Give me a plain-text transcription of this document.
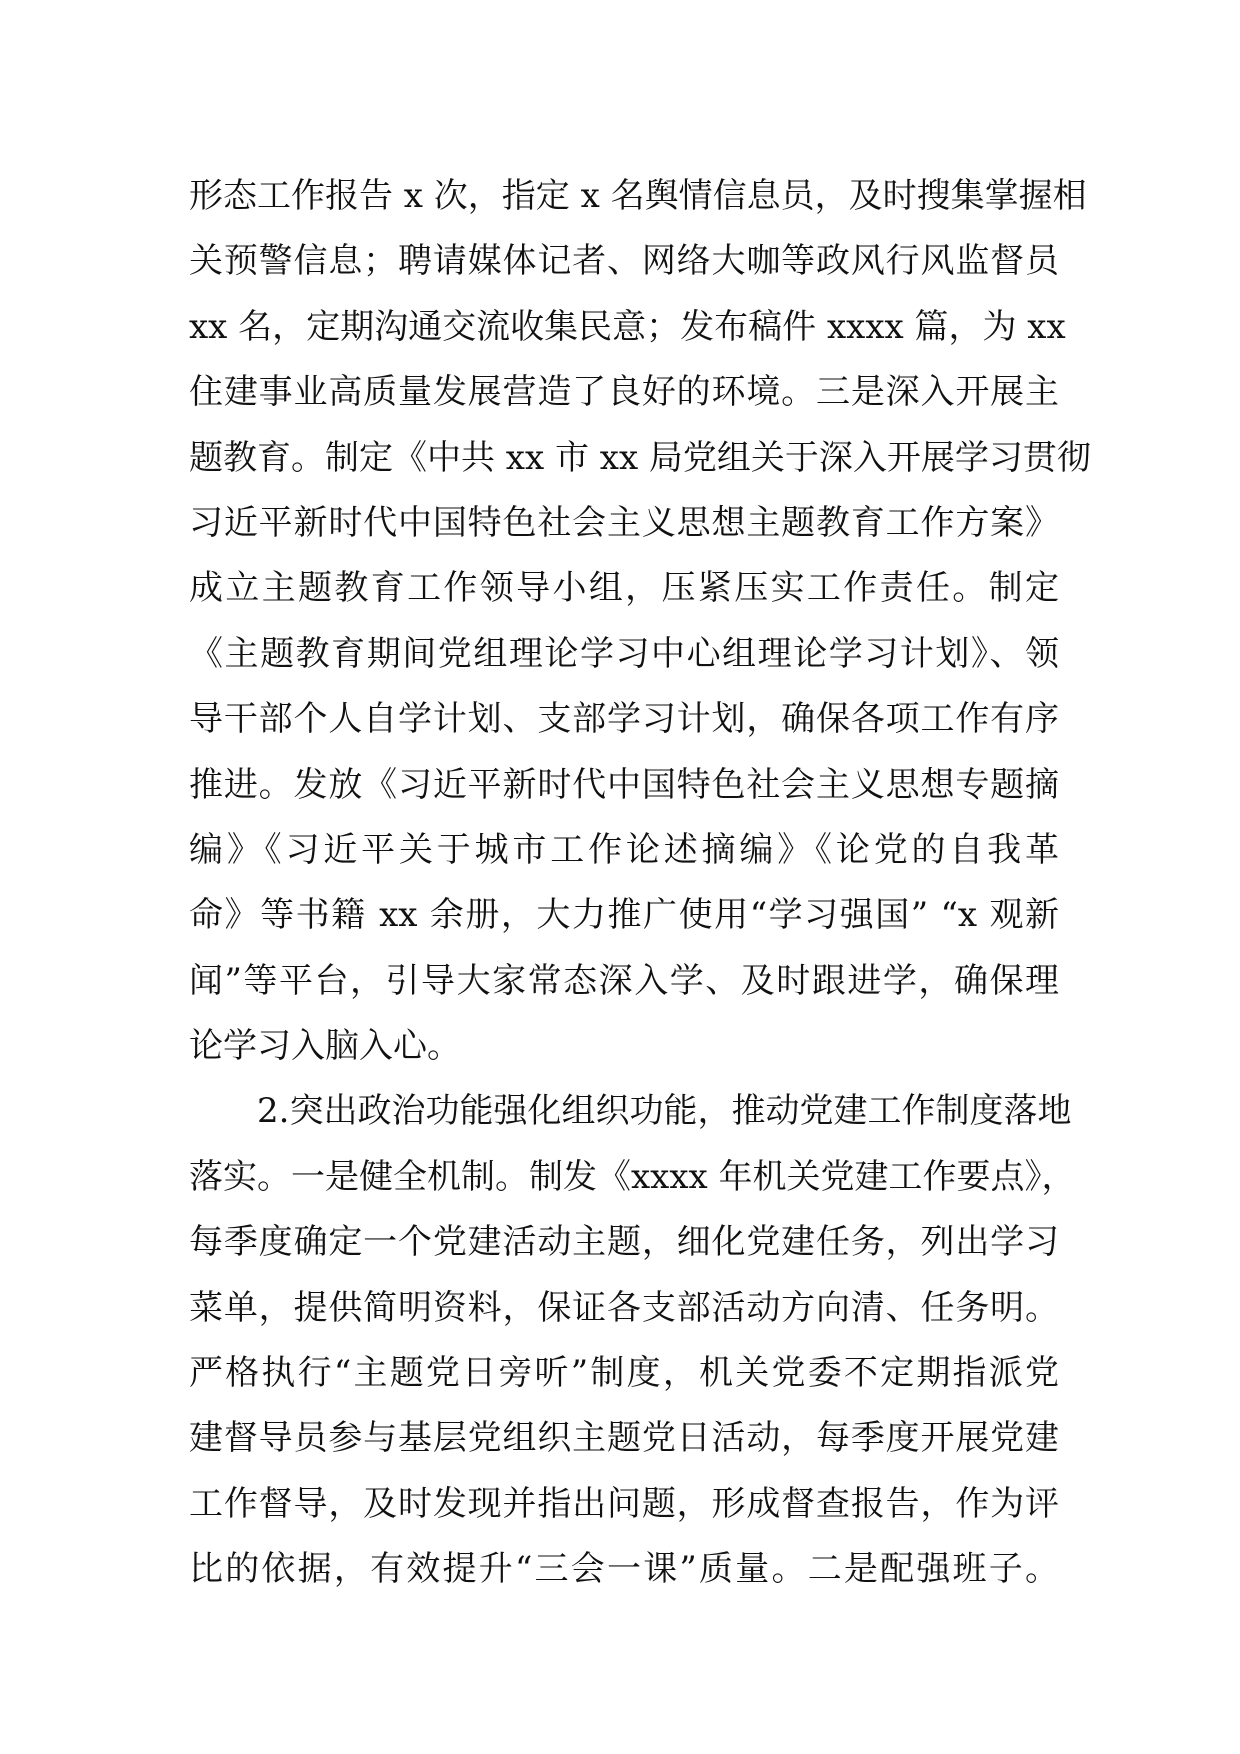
形态工作报告 x 次，指定 x 名舆情信息员，及时搜集掌握相
关预警信息；聘请媒体记者、网络大咖等政风行风监督员
xx 名，定期沟通交流收集民意；发布稿件 xxxx 篇，为 xx
住建事业高质量发展营造了良好的环境。三是深入开展主
题教育。制定《中共 xx 市 xx 局党组关于深入开展学习贯彻
习近平新时代中国特色社会主义思想主题教育工作方案》
成立主题教育工作领导小组，压紧压实工作责任。制定
《主题教育期间党组理论学习中心组理论学习计划》、领
导干部个人自学计划、支部学习计划，确保各项工作有序
推进。发放《习近平新时代中国特色社会主义思想专题摘
编》《习近平关于城市工作论述摘编》《论党的自我革
命》等书籍 xx 余册，大力推广使用“学习强国” “x 观新
闻”等平台，引导大家常态深入学、及时跟进学，确保理
论学习入脑入心。
2.突出政治功能强化组织功能，推动党建工作制度落地
落实。一是健全机制。制发《xxxx 年机关党建工作要点》，
每季度确定一个党建活动主题，细化党建任务，列出学习
菜单，提供简明资料，保证各支部活动方向清、任务明。
严格执行“主题党日旁听”制度，机关党委不定期指派党
建督导员参与基层党组织主题党日活动，每季度开展党建
工作督导，及时发现并指出问题，形成督查报告，作为评
比的依据，有效提升“三会一课”质量。二是配强班子。
